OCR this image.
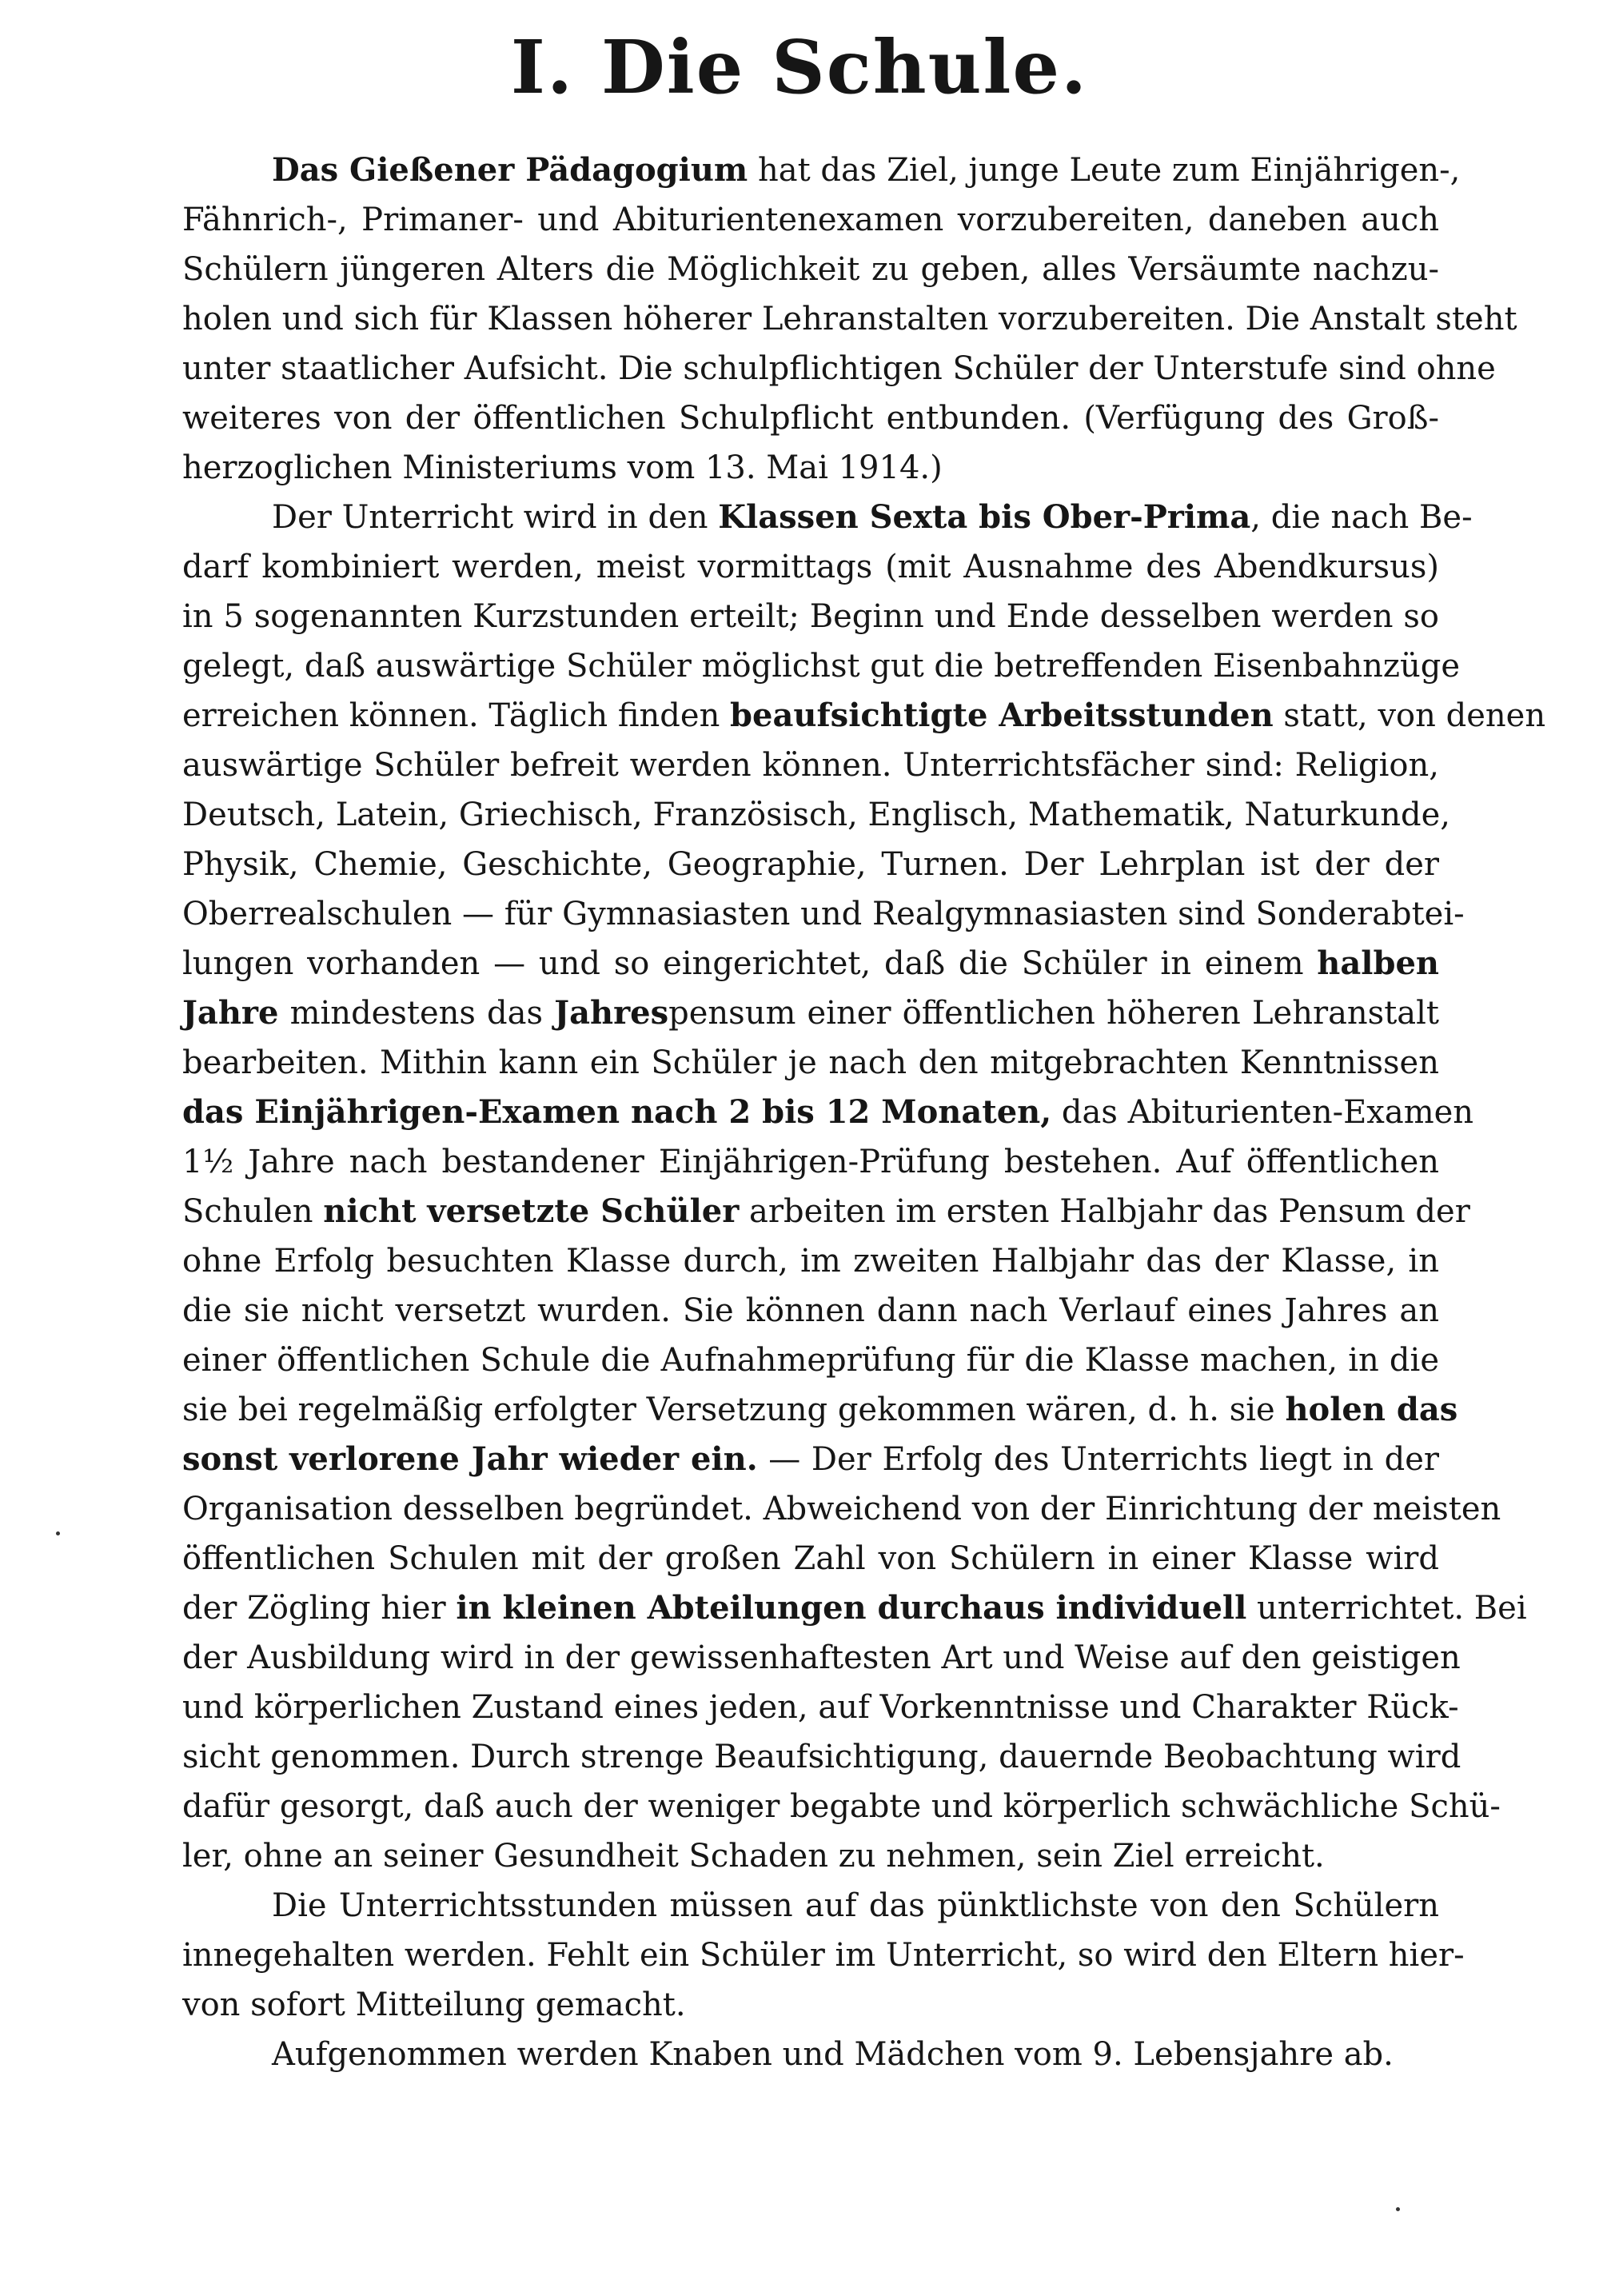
I. Die Schule.
Das Gießener Pädagogium hat das Ziel, junge Leute zum Einjährigen-,
Fähnrich-, Primaner- und Abiturientenexamen vorzubereiten, daneben auch
Schülern jüngeren Alters die Möglichkeit zu geben, alles Versäumte nachzu-
holen und sich für Klassen höherer Lehranstalten vorzubereiten. Die Anstalt steht
unter staatlicher Aufsicht. Die schulpflichtigen Schüler der Unterstufe sind ohne
weiteres von der öffentlichen Schulpflicht entbunden. (Verfügung des Groß-
herzoglichen Ministeriums vom 13. Mai 1914.)
Der Unterricht wird in den Klassen Sexta bis Ober-Prima, die nach Be-
darf kombiniert werden, meist vormittags (mit Ausnahme des Abendkursus)
in 5 sogenannten Kurzstunden erteilt; Beginn und Ende desselben werden so
gelegt, daß auswärtige Schüler möglichst gut die betreffenden Eisenbahnzüge
erreichen können. Täglich finden beaufsichtigte Arbeitsstunden statt, von denen
auswärtige Schüler befreit werden können. Unterrichtsfächer sind: Religion,
Deutsch, Latein, Griechisch, Französisch, Englisch, Mathematik, Naturkunde,
Physik, Chemie, Geschichte, Geographie, Turnen. Der Lehrplan ist der der
Oberrealschulen — für Gymnasiasten und Realgymnasiasten sind Sonderabtei-
lungen vorhanden — und so eingerichtet, daß die Schüler in einem halben
Jahre mindestens das Jahrespensum einer öffentlichen höheren Lehranstalt
bearbeiten. Mithin kann ein Schüler je nach den mitgebrachten Kenntnissen
das Einjährigen-Examen nach 2 bis 12 Monaten, das Abiturienten-Examen
1½ Jahre nach bestandener Einjährigen-Prüfung bestehen. Auf öffentlichen
Schulen nicht versetzte Schüler arbeiten im ersten Halbjahr das Pensum der
ohne Erfolg besuchten Klasse durch, im zweiten Halbjahr das der Klasse, in
die sie nicht versetzt wurden. Sie können dann nach Verlauf eines Jahres an
einer öffentlichen Schule die Aufnahmeprüfung für die Klasse machen, in die
sie bei regelmäßig erfolgter Versetzung gekommen wären, d. h. sie holen das
sonst verlorene Jahr wieder ein. — Der Erfolg des Unterrichts liegt in der
Organisation desselben begründet. Abweichend von der Einrichtung der meisten
öffentlichen Schulen mit der großen Zahl von Schülern in einer Klasse wird
der Zögling hier in kleinen Abteilungen durchaus individuell unterrichtet. Bei
der Ausbildung wird in der gewissenhaftesten Art und Weise auf den geistigen
und körperlichen Zustand eines jeden, auf Vorkenntnisse und Charakter Rück-
sicht genommen. Durch strenge Beaufsichtigung, dauernde Beobachtung wird
dafür gesorgt, daß auch der weniger begabte und körperlich schwächliche Schü-
ler, ohne an seiner Gesundheit Schaden zu nehmen, sein Ziel erreicht.
Die Unterrichtsstunden müssen auf das pünktlichste von den Schülern
innegehalten werden. Fehlt ein Schüler im Unterricht, so wird den Eltern hier-
von sofort Mitteilung gemacht.
Aufgenommen werden Knaben und Mädchen vom 9. Lebensjahre ab.
